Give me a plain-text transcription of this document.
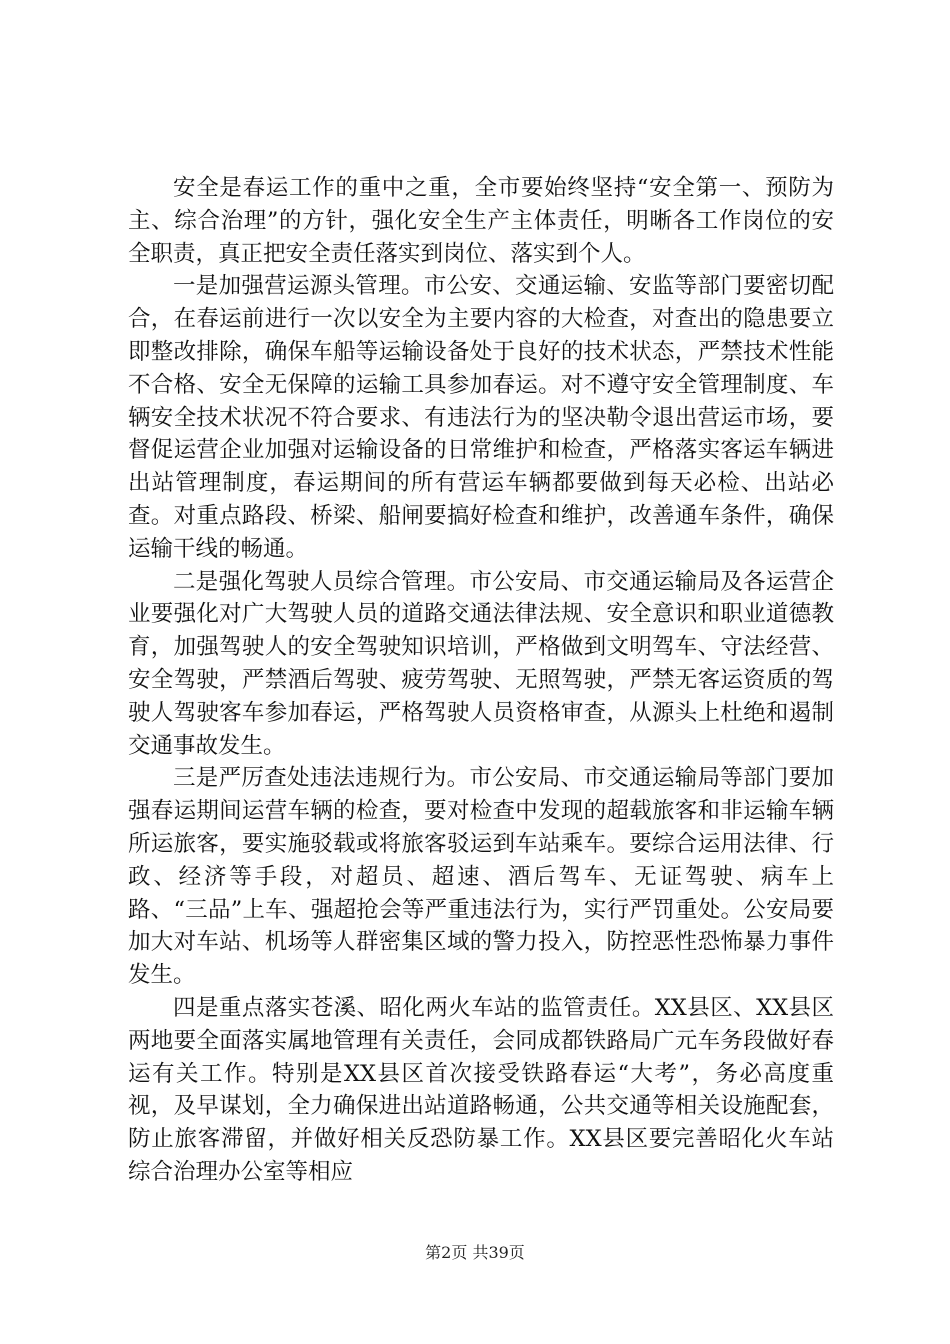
安全是春运工作的重中之重，全市要始终坚持“安全第一、预防为主、综合治理”的方针，强化安全生产主体责任，明晰各工作岗位的安全职责，真正把安全责任落实到岗位、落实到个人。

一是加强营运源头管理。市公安、交通运输、安监等部门要密切配合，在春运前进行一次以安全为主要内容的大检查，对查出的隐患要立即整改排除，确保车船等运输设备处于良好的技术状态，严禁技术性能不合格、安全无保障的运输工具参加春运。对不遵守安全管理制度、车辆安全技术状况不符合要求、有违法行为的坚决勒令退出营运市场，要督促运营企业加强对运输设备的日常维护和检查，严格落实客运车辆进出站管理制度，春运期间的所有营运车辆都要做到每天必检、出站必查。对重点路段、桥梁、船闸要搞好检查和维护，改善通车条件，确保运输干线的畅通。

二是强化驾驶人员综合管理。市公安局、市交通运输局及各运营企业要强化对广大驾驶人员的道路交通法律法规、安全意识和职业道德教育，加强驾驶人的安全驾驶知识培训，严格做到文明驾车、守法经营、安全驾驶，严禁酒后驾驶、疲劳驾驶、无照驾驶，严禁无客运资质的驾驶人驾驶客车参加春运，严格驾驶人员资格审查，从源头上杜绝和遏制交通事故发生。

三是严厉查处违法违规行为。市公安局、市交通运输局等部门要加强春运期间运营车辆的检查，要对检查中发现的超载旅客和非运输车辆所运旅客，要实施驳载或将旅客驳运到车站乘车。要综合运用法律、行政、经济等手段，对超员、超速、酒后驾车、无证驾驶、病车上路、“三品”上车、强超抢会等严重违法行为，实行严罚重处。公安局要加大对车站、机场等人群密集区域的警力投入，防控恶性恐怖暴力事件发生。

四是重点落实苍溪、昭化两火车站的监管责任。XX县区、XX县区两地要全面落实属地管理有关责任，会同成都铁路局广元车务段做好春运有关工作。特别是XX县区首次接受铁路春运“大考”，务必高度重视，及早谋划，全力确保进出站道路畅通，公共交通等相关设施配套，防止旅客滞留，并做好相关反恐防暴工作。XX县区要完善昭化火车站综合治理办公室等相应

第2页 共39页
